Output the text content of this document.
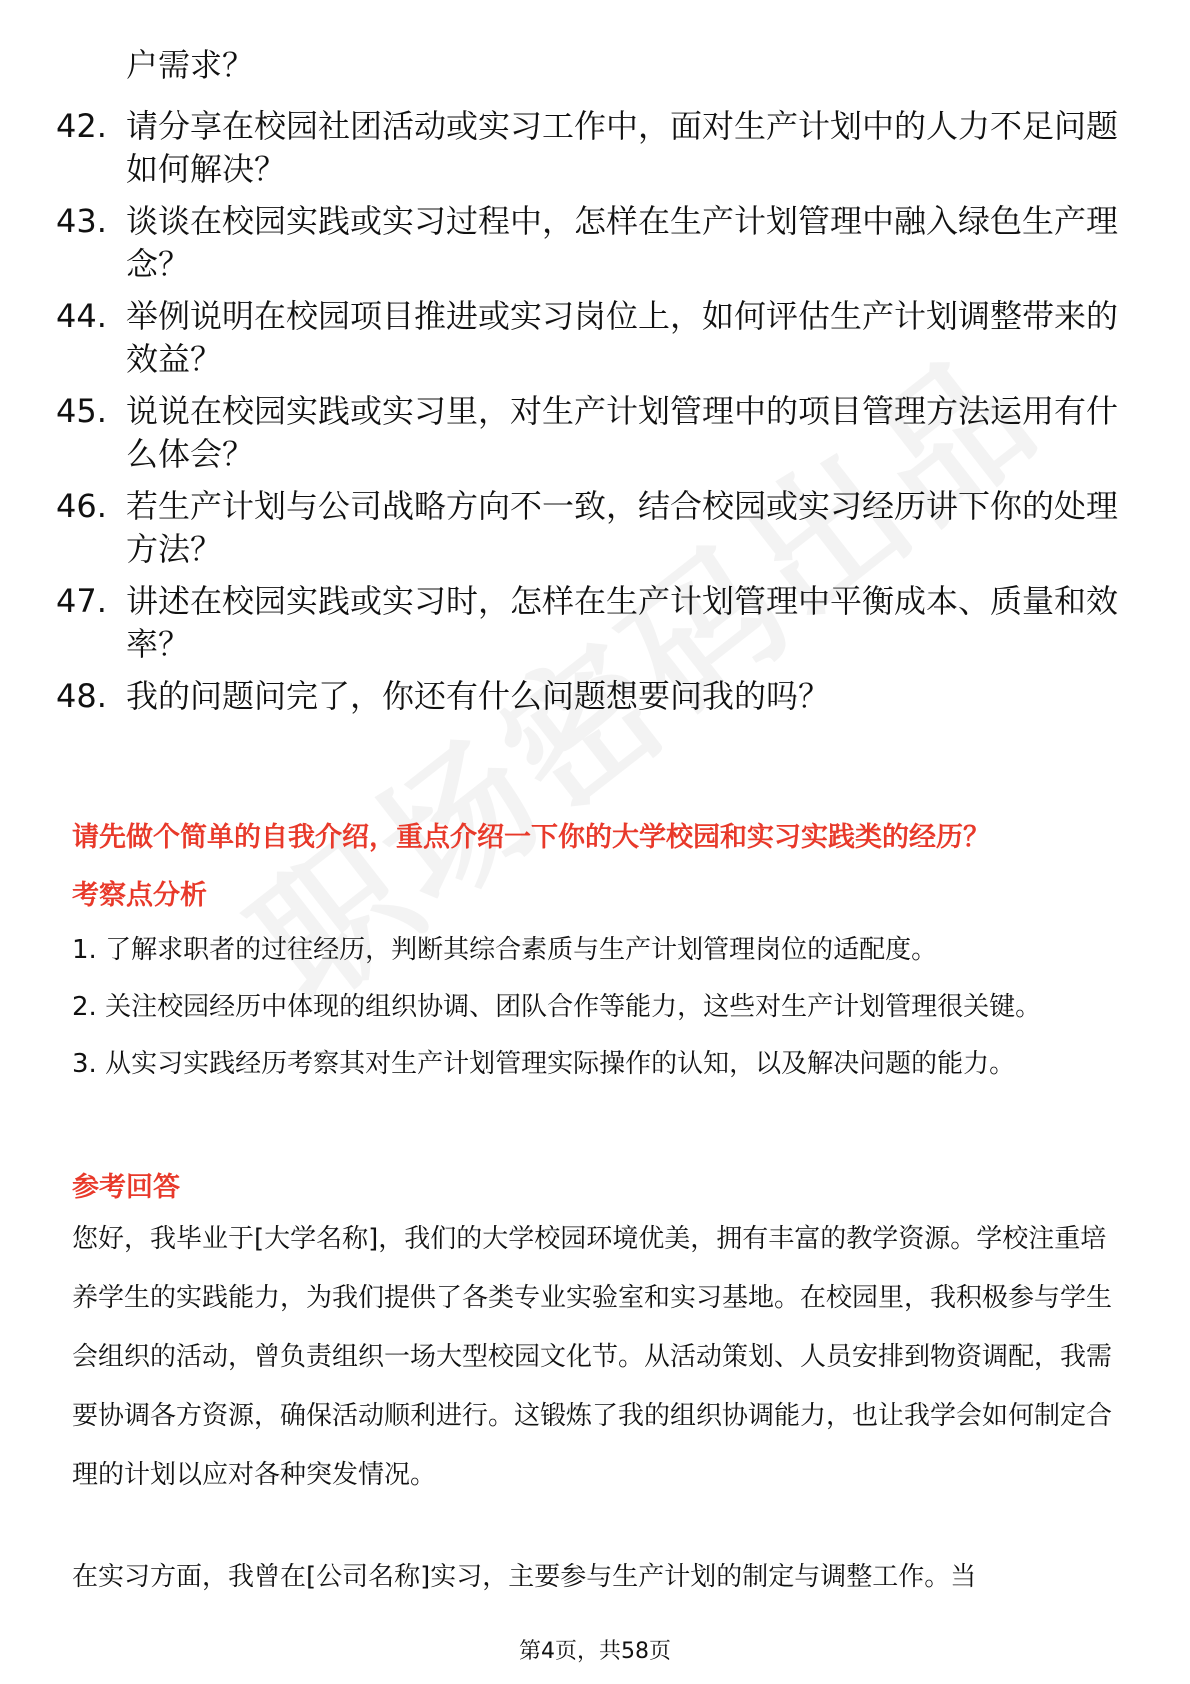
户需求？
42. 请分享在校园社团活动或实习工作中，面对生产计划中的人力不足问题如何解决？
43. 谈谈在校园实践或实习过程中，怎样在生产计划管理中融入绿色生产理念？
44. 举例说明在校园项目推进或实习岗位上，如何评估生产计划调整带来的效益？
45. 说说在校园实践或实习里，对生产计划管理中的项目管理方法运用有什么体会？
46. 若生产计划与公司战略方向不一致，结合校园或实习经历讲下你的处理方法？
47. 讲述在校园实践或实习时，怎样在生产计划管理中平衡成本、质量和效率？
48. 我的问题问完了，你还有什么问题想要问我的吗？
请先做个简单的自我介绍，重点介绍一下你的大学校园和实习实践类的经历？
考察点分析

1. 了解求职者的过往经历，判断其综合素质与生产计划管理岗位的适配度。

2. 关注校园经历中体现的组织协调、团队合作等能力，这些对生产计划管理很关键。

3. 从实习实践经历考察其对生产计划管理实际操作的认知，以及解决问题的能力。

参考回答

您好，我毕业于[大学名称]，我们的大学校园环境优美，拥有丰富的教学资源。学校注重培养学生的实践能力，为我们提供了各类专业实验室和实习基地。在校园里，我积极参与学生会组织的活动，曾负责组织一场大型校园文化节。从活动策划、人员安排到物资调配，我需要协调各方资源，确保活动顺利进行。这锻炼了我的组织协调能力，也让我学会如何制定合理的计划以应对各种突发情况。

在实习方面，我曾在[公司名称]实习，主要参与生产计划的制定与调整工作。当

第4页，共58页
